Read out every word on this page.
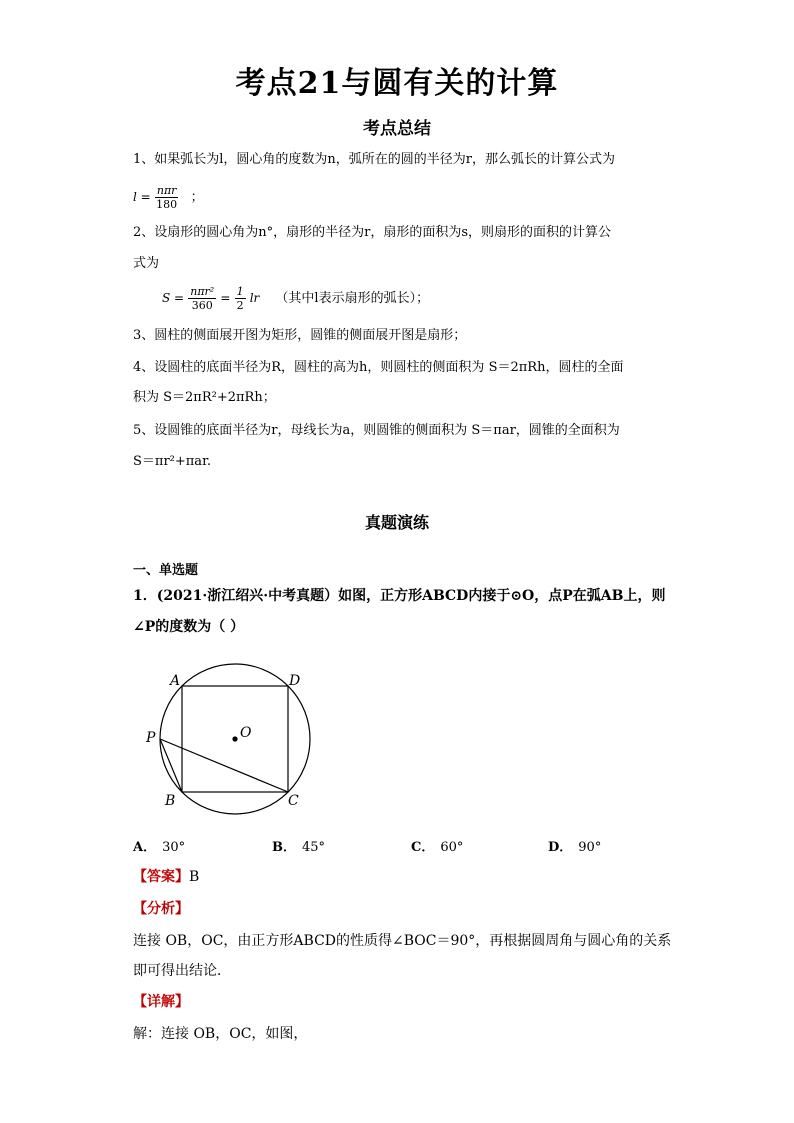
考点21与圆有关的计算
考点总结
1、如果弧长为l，圆心角的度数为n，弧所在的圆的半径为r，那么弧长的计算公式为
$l = \frac{\text{nπr}}{180}$ ；
2、设扇形的圆心角为n°，扇形的半径为r，扇形的面积为s，则扇形的面积的计算公
式为
$S = \frac{\text{nπr²}}{360} = \frac{1}{2}$ lr （其中l表示扇形的弧长）；
3、圆柱的侧面展开图为矩形，圆锥的侧面展开图是扇形；
4、设圆柱的底面半径为R，圆柱的高为h，则圆柱的侧面积为 S＝2πRh，圆柱的全面
积为 S＝2πR²+2πRh；
5、设圆锥的底面半径为r，母线长为a，则圆锥的侧面积为 S＝πar，圆锥的全面积为
S＝πr²+πar.
真题演练
一、单选题
1．(2021·浙江绍兴·中考真题）如图，正方形ABCD内接于⊙O，点P在弧AB上，则
∠P的度数为（ ）
A	D
O
P
B	C
A． 30°	B． 45°	C． 60°	D． 90°
【答案】B
【分析】
连接 OB，OC，由正方形ABCD的性质得∠BOC＝90°，再根据圆周角与圆心角的关系
即可得出结论．
【详解】
解：连接 OB，OC，如图，
